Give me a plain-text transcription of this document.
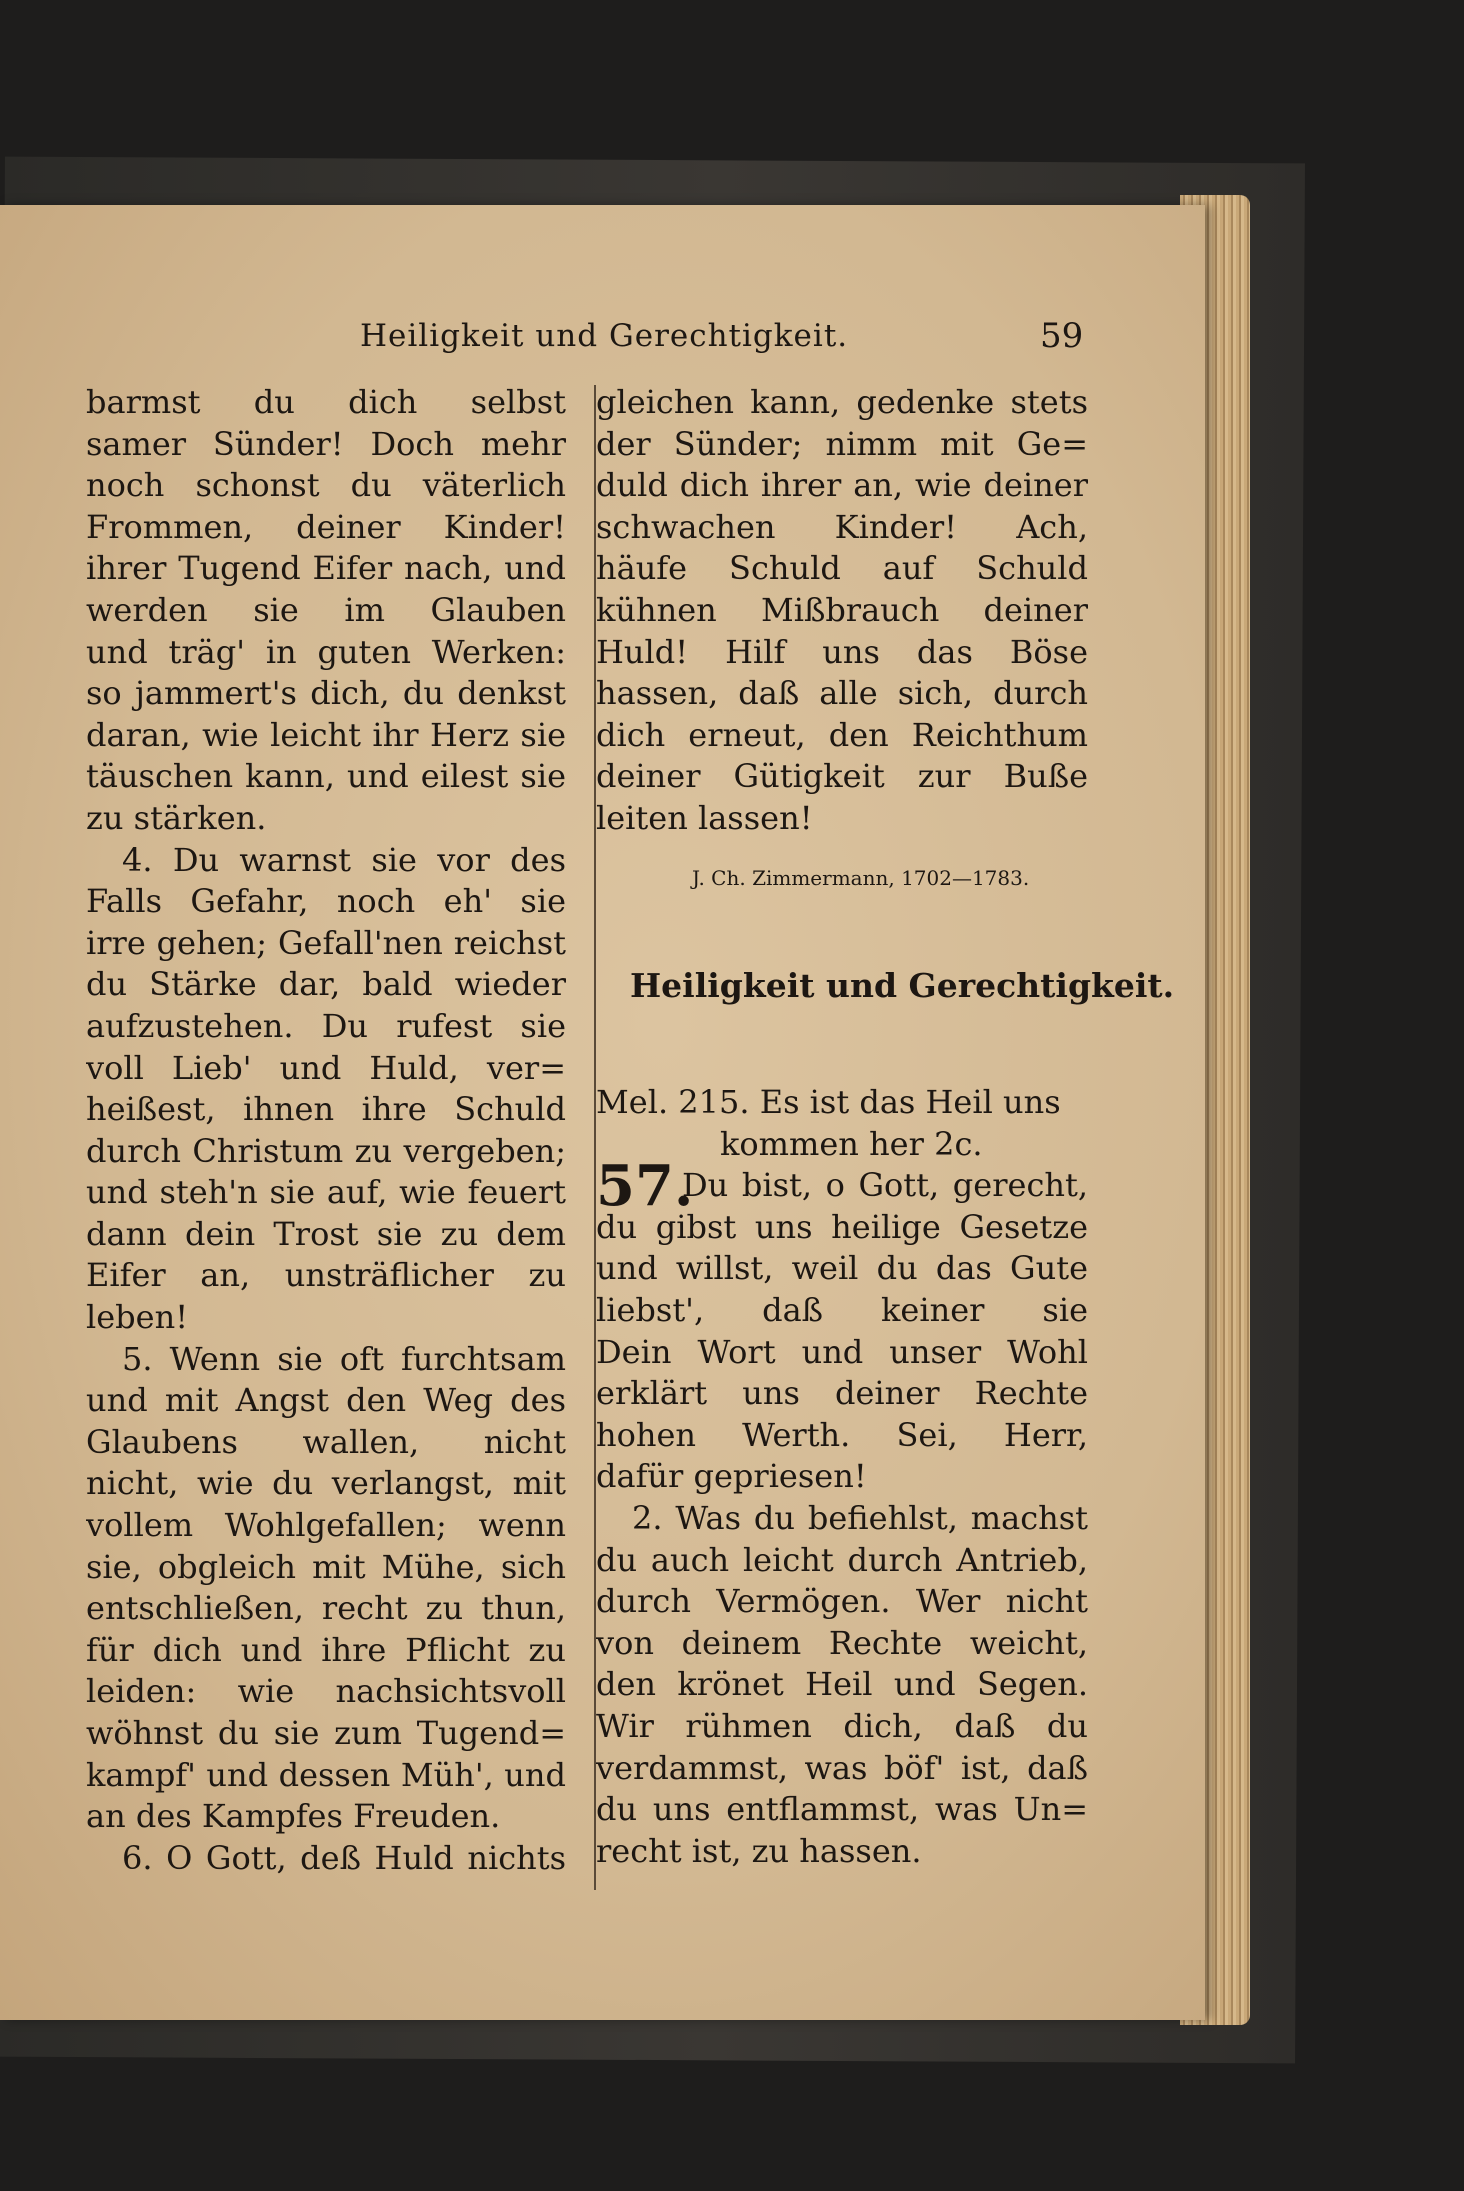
Heiligkeit und Gerechtigkeit.	59
barmst du dich selbst
samer Sünder! Doch mehr
noch schonst du väterlich
Frommen, deiner Kinder!
ihrer Tugend Eifer nach, und
werden sie im Glauben
und träg' in guten Werken:
so jammert's dich, du denkst
daran, wie leicht ihr Herz sie
täuschen kann, und eilest sie
zu stärken.
4. Du warnst sie vor des
Falls Gefahr, noch eh' sie
irre gehen; Gefall'nen reichst
du Stärke dar, bald wieder
aufzustehen. Du rufest sie
voll Lieb' und Huld, ver=
heißest, ihnen ihre Schuld
durch Christum zu vergeben;
und steh'n sie auf, wie feuert
dann dein Trost sie zu dem
Eifer an, unsträflicher zu
leben!
5. Wenn sie oft furchtsam
und mit Angst den Weg des
Glaubens wallen, nicht
nicht, wie du verlangst, mit
vollem Wohlgefallen; wenn
sie, obgleich mit Mühe, sich
entschließen, recht zu thun,
für dich und ihre Pflicht zu
leiden: wie nachsichtsvoll
wöhnst du sie zum Tugend=
kampf' und dessen Müh', und
an des Kampfes Freuden.
6. O Gott, deß Huld nichts
gleichen kann, gedenke stets
der Sünder; nimm mit Ge=
duld dich ihrer an, wie deiner
schwachen Kinder! Ach,
häufe Schuld auf Schuld
kühnen Mißbrauch deiner
Huld! Hilf uns das Böse
hassen, daß alle sich, durch
dich erneut, den Reichthum
deiner Gütigkeit zur Buße
leiten lassen!
J. Ch. Zimmermann, 1702—1783.
Heiligkeit und Gerechtigkeit.
Mel. 215. Es ist das Heil uns
kommen her 2c.
57.
Du bist, o Gott, gerecht,
du gibst uns heilige Gesetze
und willst, weil du das Gute
liebst', daß keiner sie
Dein Wort und unser Wohl
erklärt uns deiner Rechte
hohen Werth. Sei, Herr,
dafür gepriesen!
2. Was du befiehlst, machst
du auch leicht durch Antrieb,
durch Vermögen. Wer nicht
von deinem Rechte weicht,
den krönet Heil und Segen.
Wir rühmen dich, daß du
verdammst, was böf' ist, daß
du uns entflammst, was Un=
recht ist, zu hassen.
